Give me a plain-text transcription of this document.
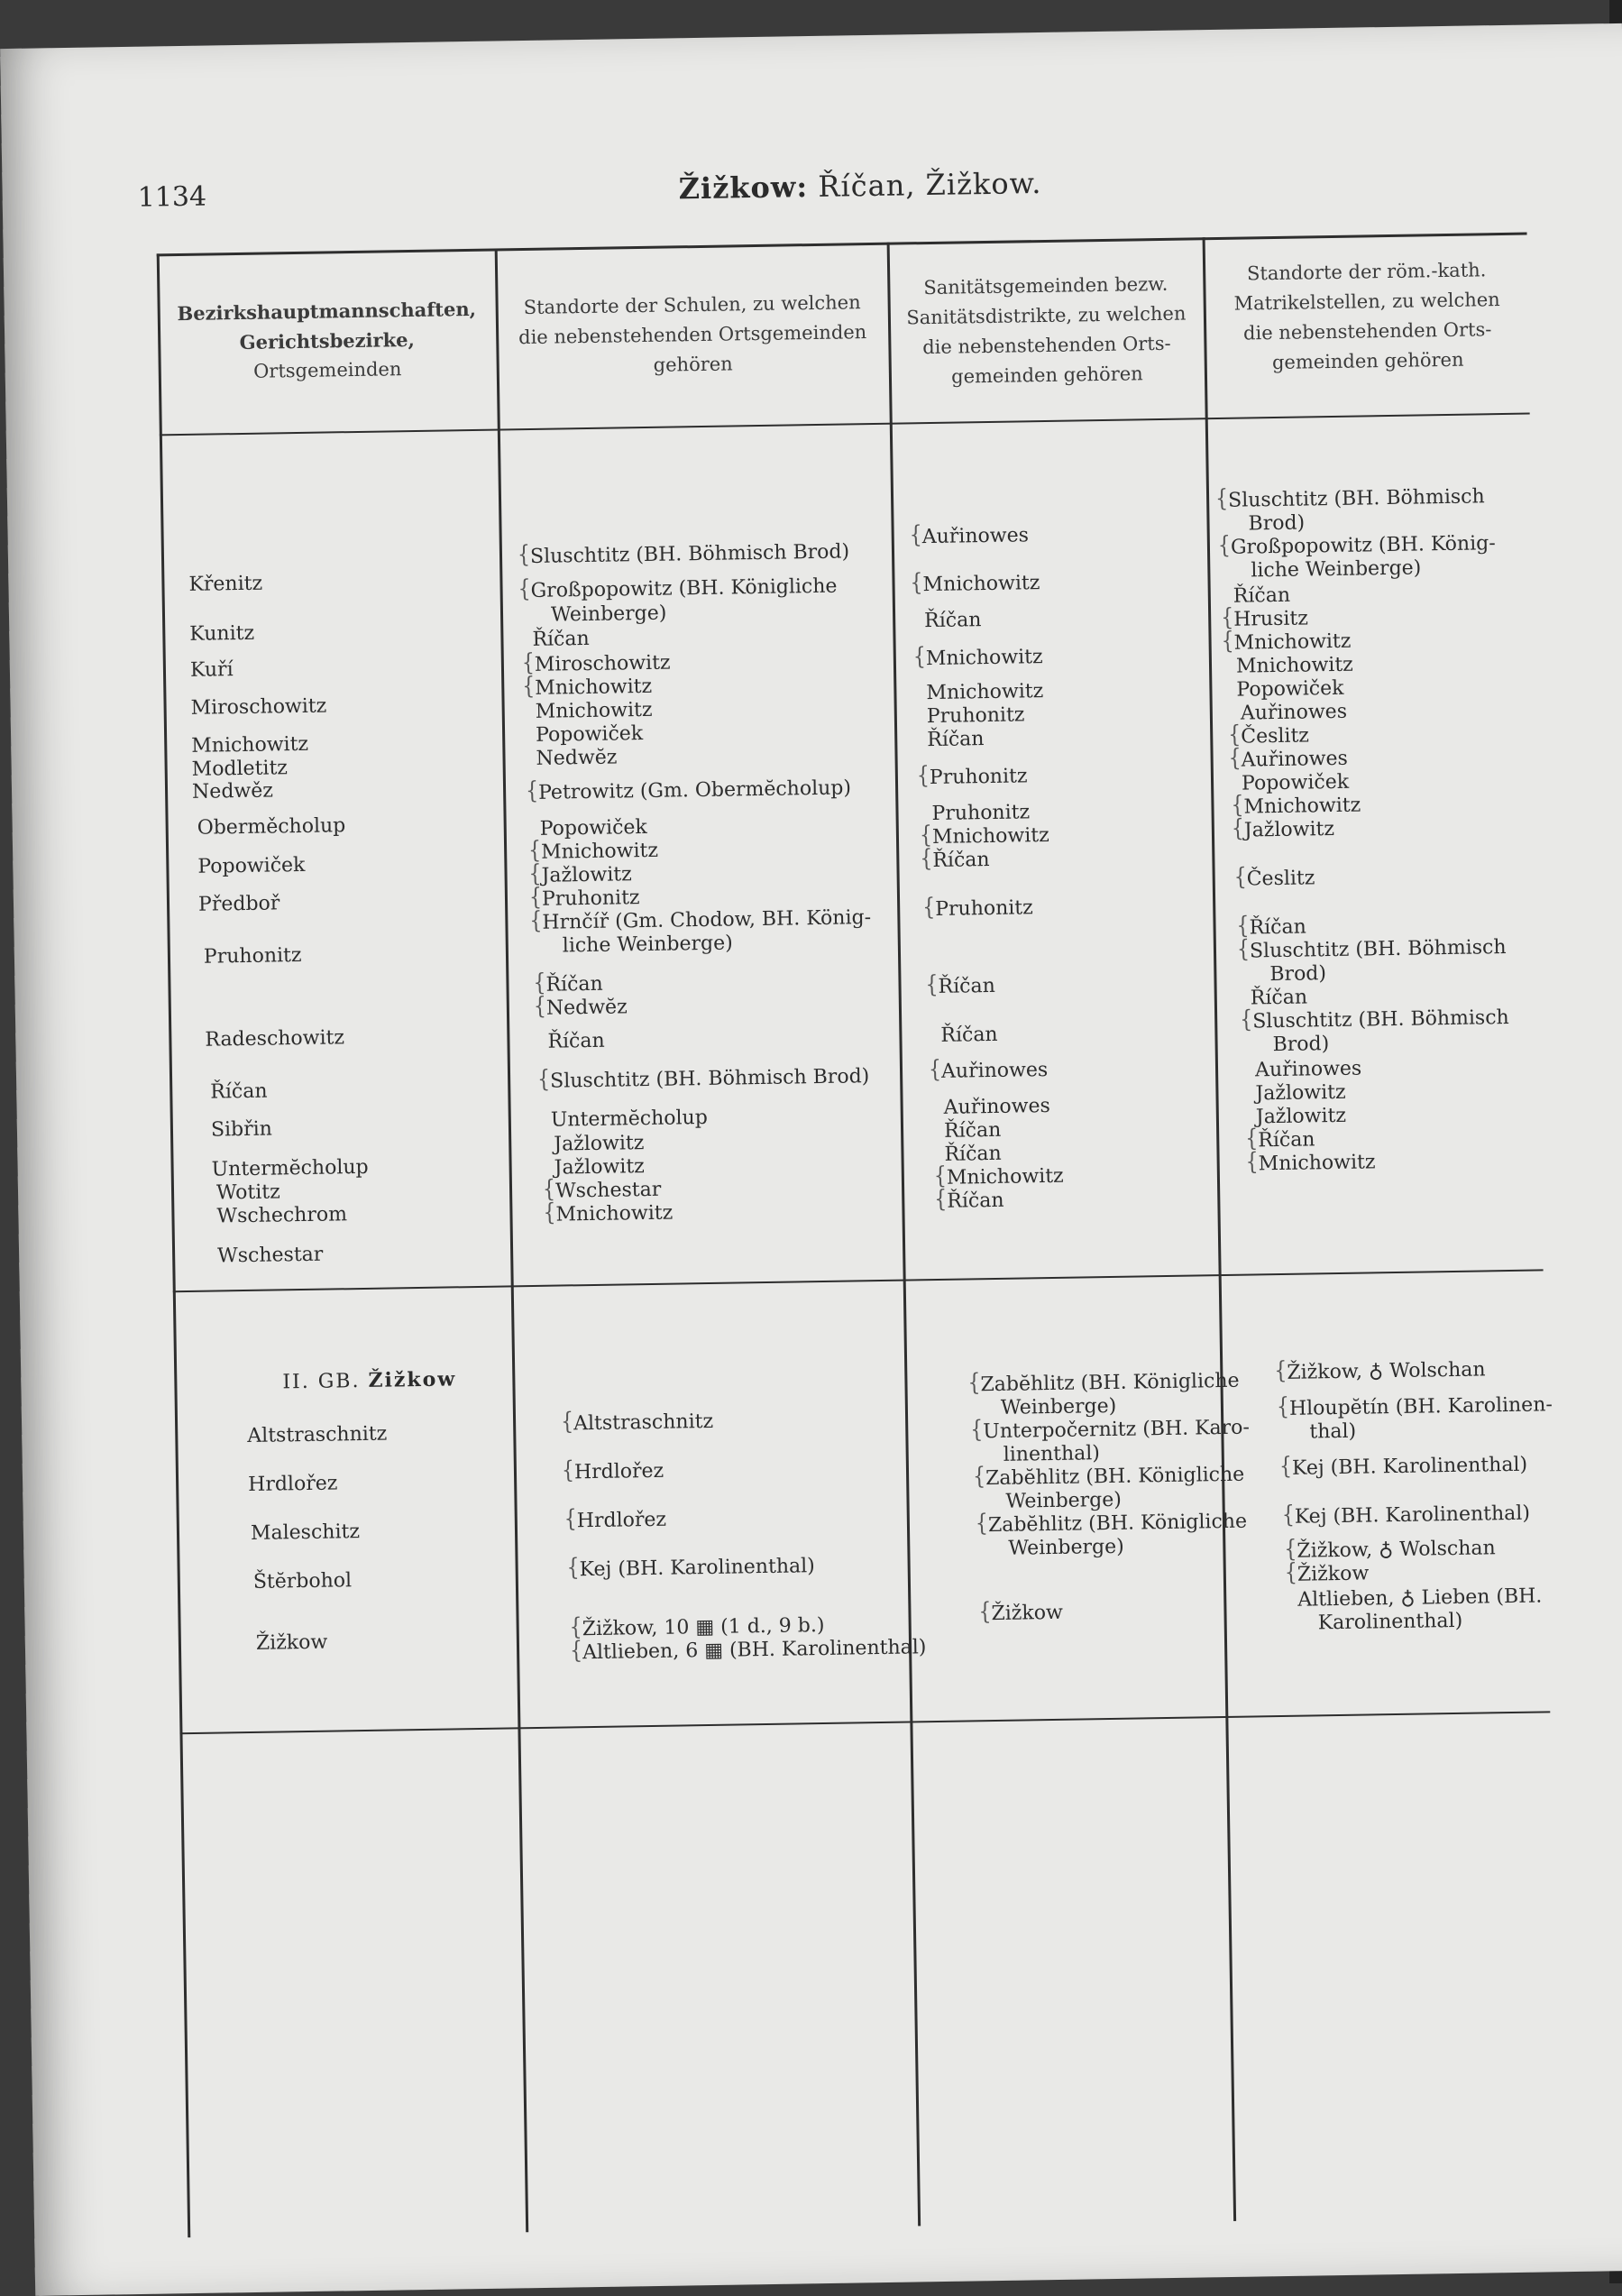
1134	Žižkow: Říčan, Žižkow.
Bezirkshauptmannschaften,
Gerichtsbezirke,
Ortsgemeinden
Standorte der Schulen, zu welchen
die nebenstehenden Ortsgemeinden
gehören
Sanitätsgemeinden bezw.
Sanitätsdistrikte, zu welchen
die nebenstehenden Orts-
gemeinden gehören
Standorte der röm.-kath.
Matrikelstellen, zu welchen
die nebenstehenden Orts-
gemeinden gehören
Křenitz
Kunitz
Kuří
Miroschowitz
Mnichowitz
Modletitz
Nedwěz
Oberměcholup
Popowiček
Předboř
Pruhonitz
Radeschowitz
Říčan
Sibřin
Untermĕcholup
Wotitz
Wschechrom
Wschestar
{ Sluschtitz (BH. Böhmisch Brod)
{ Großpopowitz (BH. Königliche
Weinberge)
Říčan
{ Miroschowitz
{ Mnichowitz
Mnichowitz
Popowiček
Nedwĕz
{ Petrowitz (Gm. Obermĕcholup)
Popowiček
{ Mnichowitz
{ Jažlowitz
{ Pruhonitz
{ Hrnčíř (Gm. Chodow, BH. König-
liche Weinberge)
{ Říčan
{ Nedwĕz
Říčan
{ Sluschtitz (BH. Böhmisch Brod)
Untermĕcholup
Jažlowitz
Jažlowitz
{ Wschestar
{ Mnichowitz
{ Auřinowes
{ Mnichowitz
Říčan
{ Mnichowitz
Mnichowitz
Pruhonitz
Říčan
{ Pruhonitz
Pruhonitz
{ Mnichowitz
{ Říčan
{ Pruhonitz
{ Říčan
Říčan
{ Auřinowes
Auřinowes
Říčan
Říčan
{ Mnichowitz
{ Říčan
{ Sluschtitz (BH. Böhmisch
Brod)
{ Großpopowitz (BH. König-
liche Weinberge)
Říčan
{ Hrusitz
{ Mnichowitz
Mnichowitz
Popowiček
Auřinowes
{ Česlitz
{ Auřinowes
Popowiček
{ Mnichowitz
{ Jažlowitz
{ Česlitz
{ Říčan
{ Sluschtitz (BH. Böhmisch
Brod)
Říčan
{ Sluschtitz (BH. Böhmisch
Brod)
Auřinowes
Jažlowitz
Jažlowitz
{ Říčan
{ Mnichowitz
II. GB. Žižkow
Altstraschnitz
Hrdlořez
Maleschitz
Štĕrbohol
Žižkow
{ Altstraschnitz
{ Hrdlořez
{ Hrdlořez
{ Kej (BH. Karolinenthal)
{ Žižkow, 10 ▦ (1 d., 9 b.)
{ Altlieben, 6 ▦ (BH. Karolinenthal)
{ Zabĕhlitz (BH. Königliche
Weinberge)
{ Unterpočernitz (BH. Karo-
linenthal)
{ Zabĕhlitz (BH. Königliche
Weinberge)
{ Zabĕhlitz (BH. Königliche
Weinberge)
{ Žižkow
{ Žižkow, ♁ Wolschan
{ Hloupĕtín (BH. Karolinen-
thal)
{ Kej (BH. Karolinenthal)
{ Kej (BH. Karolinenthal)
{ Žižkow, ♁ Wolschan
{ Žižkow
Altlieben, ♁ Lieben (BH.
Karolinenthal)
